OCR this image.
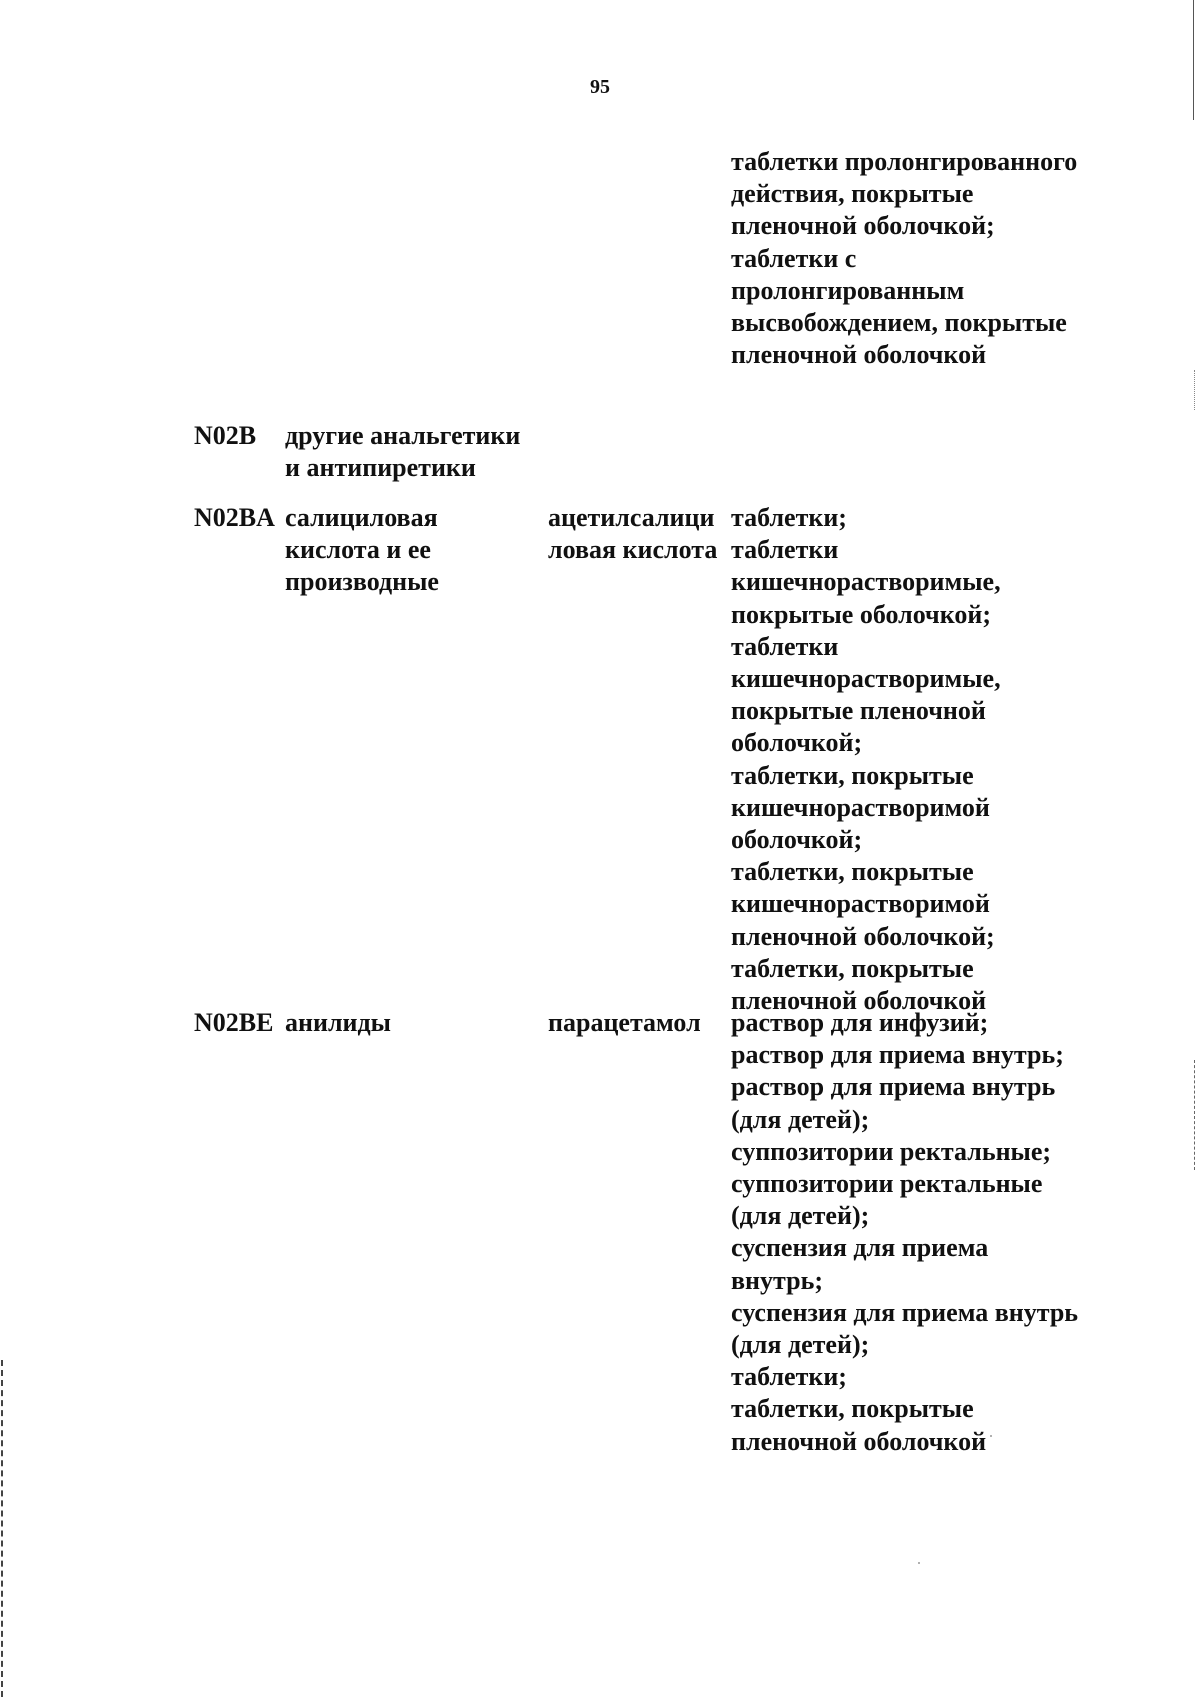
95
таблетки пролонгированного
действия, покрытые
пленочной оболочкой;
таблетки с
пролонгированным
высвобождением, покрытые
пленочной оболочкой
N02B другие анальгетики
и антипиретики
N02BA салициловая
кислота и ее
производные
ацетилсалици
ловая кислота
таблетки;
таблетки
кишечнорастворимые,
покрытые оболочкой;
таблетки
кишечнорастворимые,
покрытые пленочной
оболочкой;
таблетки, покрытые
кишечнорастворимой
оболочкой;
таблетки, покрытые
кишечнорастворимой
пленочной оболочкой;
таблетки, покрытые
пленочной оболочкой
N02BE анилиды	парацетамол раствор для инфузий;
раствор для приема внутрь;
раствор для приема внутрь
(для детей);
суппозитории ректальные;
суппозитории ректальные
(для детей);
суспензия для приема
внутрь;
суспензия для приема внутрь
(для детей);
таблетки;
таблетки, покрытые
пленочной оболочкой
